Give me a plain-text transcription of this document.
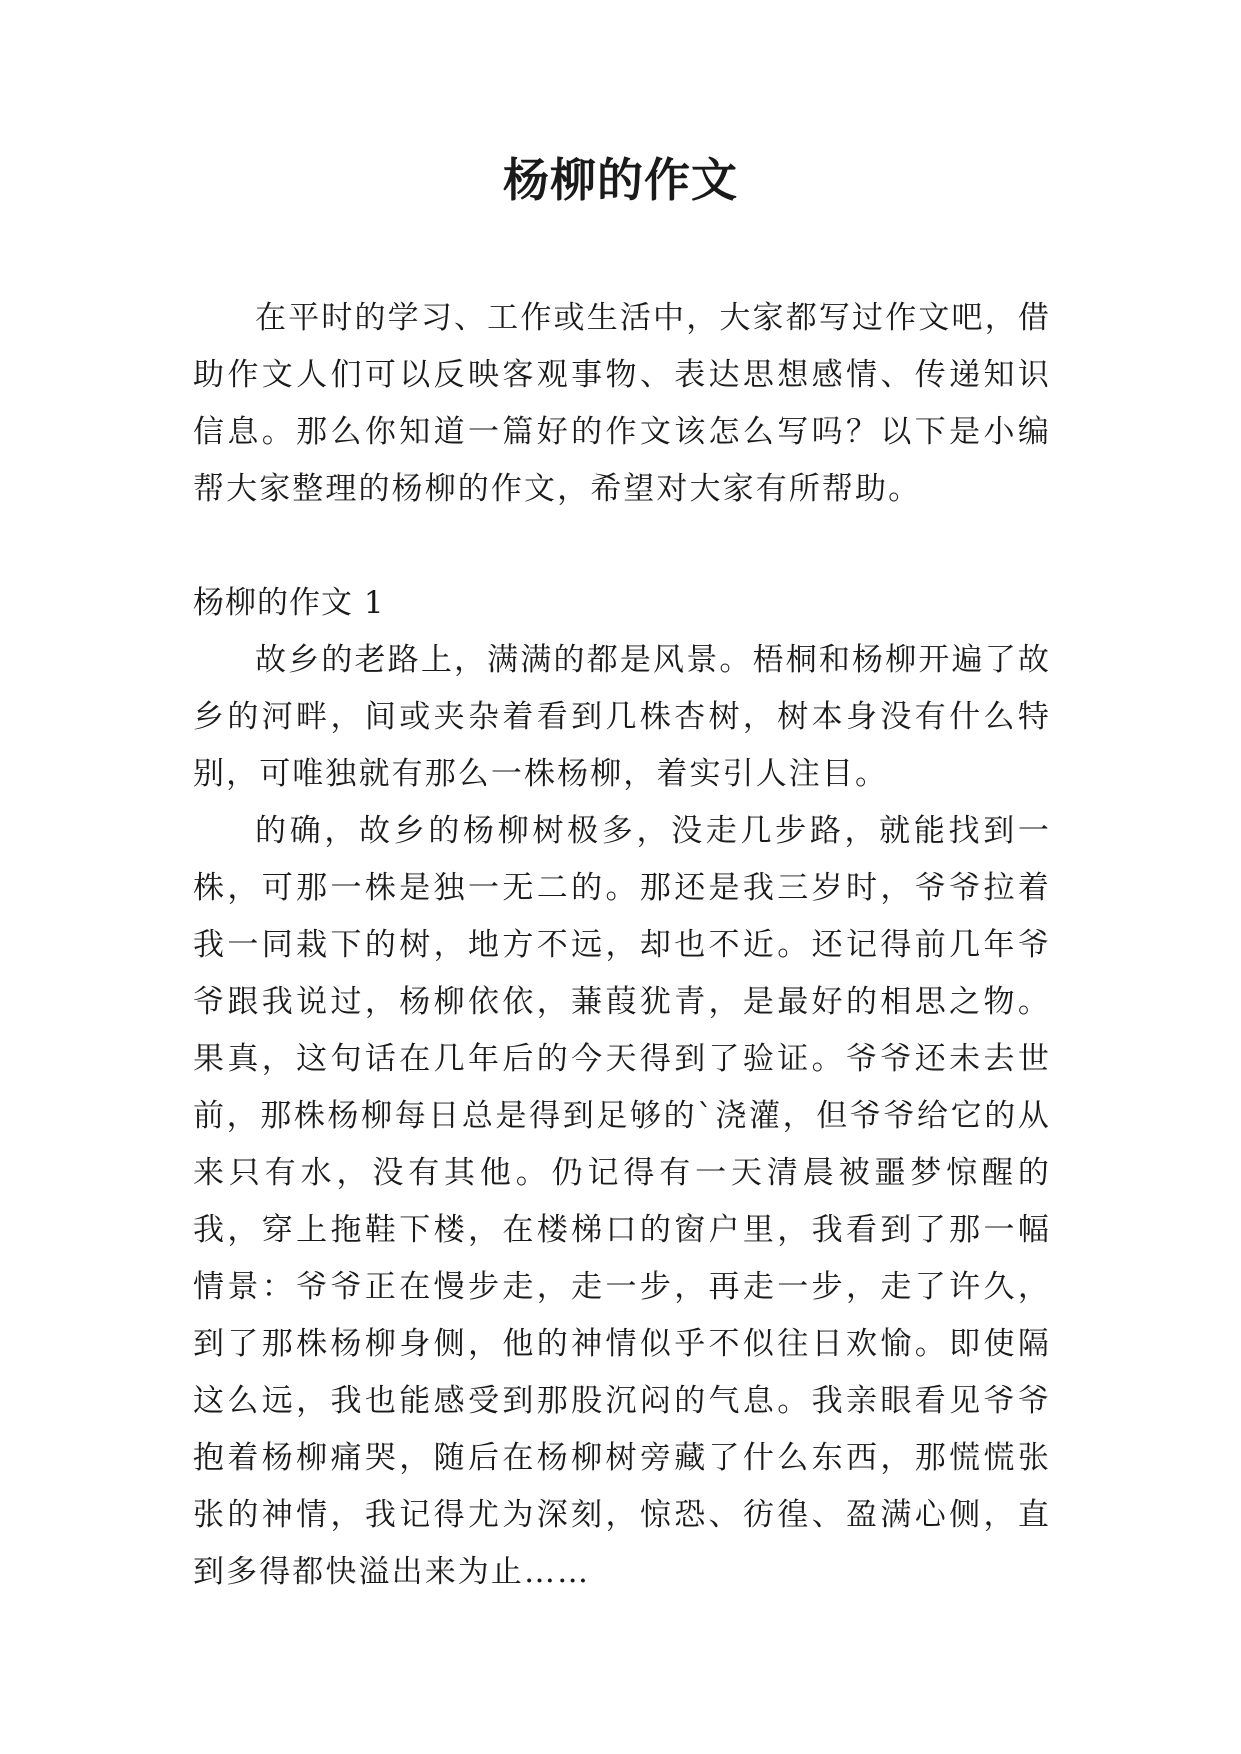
杨柳的作文

在平时的学习、工作或生活中，大家都写过作文吧，借助作文人们可以反映客观事物、表达思想感情、传递知识信息。那么你知道一篇好的作文该怎么写吗？以下是小编帮大家整理的杨柳的作文，希望对大家有所帮助。

杨柳的作文 1

故乡的老路上，满满的都是风景。梧桐和杨柳开遍了故乡的河畔，间或夹杂着看到几株杏树，树本身没有什么特别，可唯独就有那么一株杨柳，着实引人注目。

的确，故乡的杨柳树极多，没走几步路，就能找到一株，可那一株是独一无二的。那还是我三岁时，爷爷拉着我一同栽下的树，地方不远，却也不近。还记得前几年爷爷跟我说过，杨柳依依，蒹葭犹青，是最好的相思之物。果真，这句话在几年后的今天得到了验证。爷爷还未去世前，那株杨柳每日总是得到足够的`浇灌，但爷爷给它的从来只有水，没有其他。仍记得有一天清晨被噩梦惊醒的我，穿上拖鞋下楼，在楼梯口的窗户里，我看到了那一幅情景：爷爷正在慢步走，走一步，再走一步，走了许久，到了那株杨柳身侧，他的神情似乎不似往日欢愉。即使隔这么远，我也能感受到那股沉闷的气息。我亲眼看见爷爷抱着杨柳痛哭，随后在杨柳树旁藏了什么东西，那慌慌张张的神情，我记得尤为深刻，惊恐、彷徨、盈满心侧，直到多得都快溢出来为止……
